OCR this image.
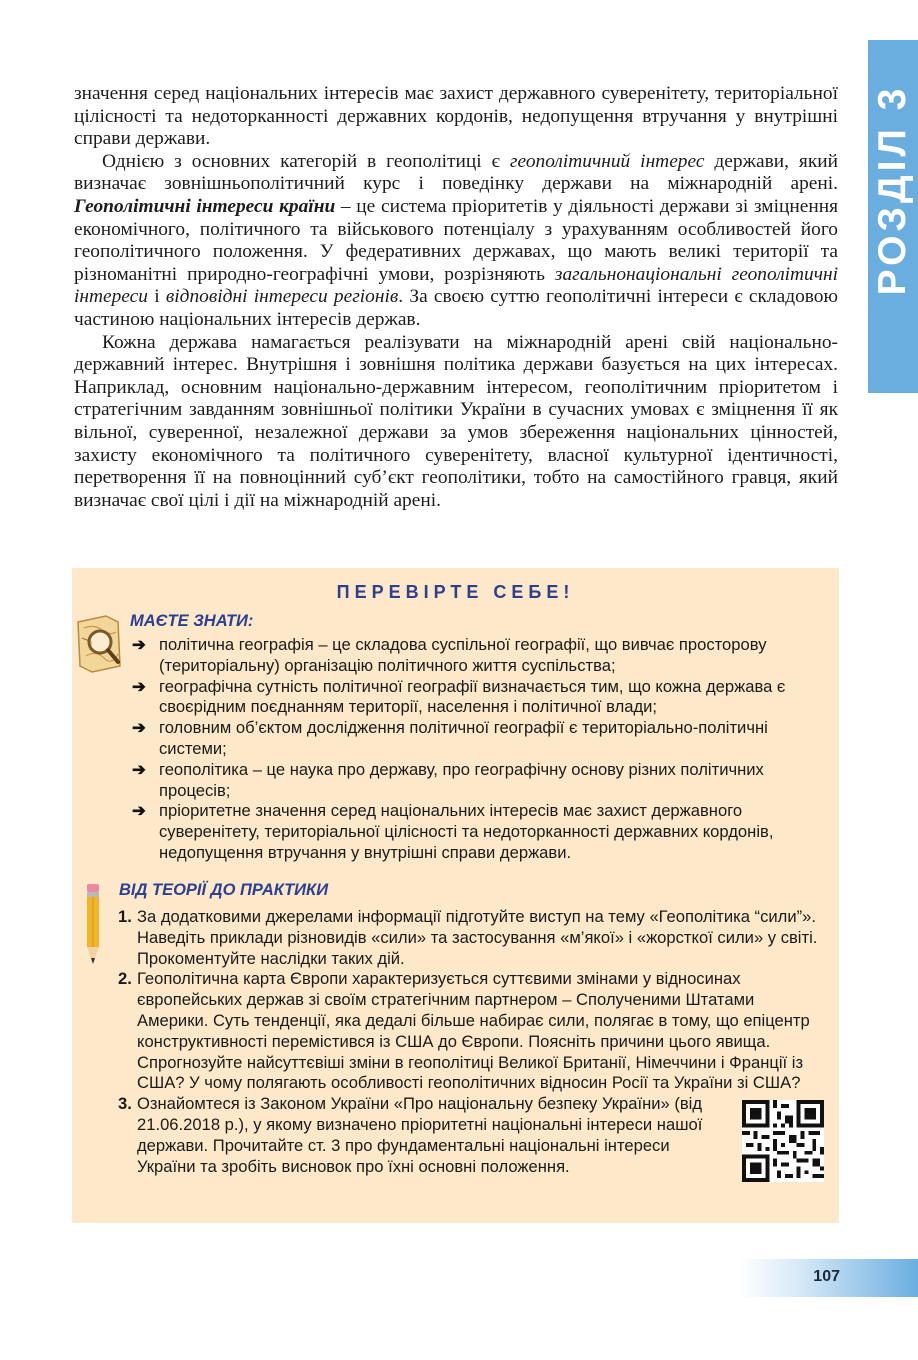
РОЗДІЛ 3

значення серед національних інтересів має захист державного суверенітету, територіальної цілісності та недоторканності державних кордонів, недопущення втручання у внутрішні справи держави.

Однією з основних категорій в геополітиці є геополітичний інтерес держави, який визначає зовнішньополітичний курс і поведінку держави на міжнародній арені. Геополітичні інтереси країни – це система пріоритетів у діяльності держави зі зміцнення економічного, політичного та військового потенціалу з урахуванням особливостей його геополітичного положення. У федеративних державах, що мають великі території та різноманітні природно-географічні умови, розрізняють загальнонаціональні геополітичні інтереси і відповідні інтереси регіонів. За своєю суттю геополітичні інтереси є складовою частиною національних інтересів держав.

Кожна держава намагається реалізувати на міжнародній арені свій національно-державний інтерес. Внутрішня і зовнішня політика держави базується на цих інтересах. Наприклад, основним національно-державним інтересом, геополітичним пріоритетом і стратегічним завданням зовнішньої політики України в сучасних умовах є зміцнення її як вільної, суверенної, незалежної держави за умов збереження національних цінностей, захисту економічного та політичного суверенітету, власної культурної ідентичності, перетворення її на повноцінний суб’єкт геополітики, тобто на самостійного гравця, який визначає свої цілі і дії на міжнародній арені.

ПЕРЕВІРТЕ СЕБЕ!
МАЄТЕ ЗНАТИ:
➔ політична географія – це складова суспільної географії, що вивчає просторову (територіальну) організацію політичного життя суспільства;
➔ географічна сутність політичної географії визначається тим, що кожна держава є своєрідним поєднанням території, населення і політичної влади;
➔ головним об’єктом дослідження політичної географії є територіально-політичні системи;
➔ геополітика – це наука про державу, про географічну основу різних політичних процесів;
➔ пріоритетне значення серед національних інтересів має захист державного суверенітету, територіальної цілісності та недоторканності державних кордонів, недопущення втручання у внутрішні справи держави.
ВІД ТЕОРІЇ ДО ПРАКТИКИ
1. За додатковими джерелами інформації підготуйте виступ на тему «Геополітика “сили”». Наведіть приклади різновидів «сили» та застосування «м’якої» і «жорсткої сили» у світі. Прокоментуйте наслідки таких дій.
2. Геополітична карта Європи характеризується суттєвими змінами у відносинах європейських держав зі своїм стратегічним партнером – Сполученими Штатами Америки. Суть тенденції, яка дедалі більше набирає сили, полягає в тому, що епіцентр конструктивності перемістився із США до Європи. Поясніть причини цього явища. Спрогнозуйте найсуттєвіші зміни в геополітиці Великої Британії, Німеччини і Франції із США? У чому полягають особливості геополітичних відносин Росії та України зі США?
3. Ознайомтеся із Законом України «Про національну безпеку України» (від 21.06.2018 р.), у якому визначено пріоритетні національні інтереси нашої держави. Прочитайте ст. 3 про фундаментальні національні інтереси України та зробіть висновок про їхні основні положення.
107
